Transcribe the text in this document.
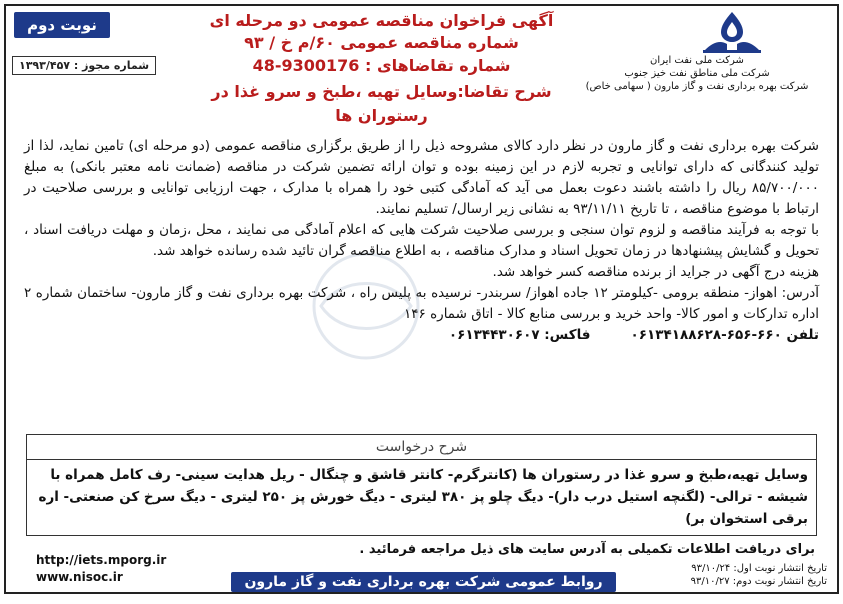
نوبت دوم
شماره مجوز : ۱۳۹۳/۴۵۷
آگهی فراخوان مناقصه عمومی دو مرحله ای
شماره مناقصه عمومی ۶۰/م خ / ۹۳
شماره تقاضاهای : 9300176-48
شرح تقاضا:وسایل تهیه ،طبخ و سرو غذا در رستوران ها
شرکت ملی نفت ایران
شرکت ملی مناطق نفت خیز جنوب
شرکت بهره برداری نفت و گاز مارون ( سهامی خاص)

شرکت بهره برداری نفت و گاز مارون در نظر دارد کالای مشروحه ذیل را از طریق برگزاری مناقصه عمومی (دو مرحله ای) تامین نماید، لذا از تولید کنندگانی که دارای توانایی و تجربه لازم در این زمینه بوده و توان ارائه تضمین شرکت در مناقصه (ضمانت نامه معتبر بانکی) به مبلغ ۸۵/۷۰۰/۰۰۰ ریال را داشته باشند دعوت بعمل می آید که آمادگی کتبی خود را همراه با مدارک ، جهت ارزیابی توانایی و بررسی صلاحیت در ارتباط با موضوع مناقصه ، تا تاریخ ۹۳/۱۱/۱۱ به نشانی زیر ارسال/ تسلیم نمایند.

با توجه به فرآیند مناقصه و لزوم توان سنجی و بررسی صلاحیت شرکت هایی که اعلام آمادگی می نمایند ، محل ،زمان و مهلت دریافت اسناد ، تحویل و گشایش پیشنهادها در زمان تحویل اسناد و مدارک مناقصه ، به اطلاع مناقصه گران تائید شده رسانده خواهد شد.

هزینه درج آگهی در جراید از برنده مناقصه کسر خواهد شد.

آدرس: اهواز- منطقه برومی -کیلومتر ۱۲ جاده اهواز/ سربندر- نرسیده به پلیس راه ، شرکت بهره برداری نفت و گاز مارون- ساختمان شماره ۲ اداره تدارکات و امور کالا- واحد خرید و بررسی منابع کالا - اتاق شماره ۱۴۶

تلفن ۶۶۰-۶۵۶-۰۶۱۳۴۱۸۸۶۲۸
فاکس: ۰۶۱۳۴۴۳۰۶۰۷
شرح درخواست
وسایل تهیه،طبخ و سرو غذا در رستوران ها (کانترگرم- کانتر قاشق و چنگال - ریل هدایت سینی- رف کامل همراه با شیشه - ترالی- (لگنچه استیل درب دار)- دیگ چلو پز ۳۸۰ لیتری - دیگ خورش پز ۲۵۰ لیتری - دیگ سرخ کن صنعتی- اره برقی استخوان بر)
برای دریافت اطلاعات تکمیلی به آدرس سایت های ذیل مراجعه فرمائید .
http://iets.mporg.ir
www.nisoc.ir
تاریخ انتشار نوبت اول: ۹۳/۱۰/۲۴
تاریخ انتشار نوبت دوم: ۹۳/۱۰/۲۷
روابط عمومی شرکت بهره برداری نفت و گاز مارون
